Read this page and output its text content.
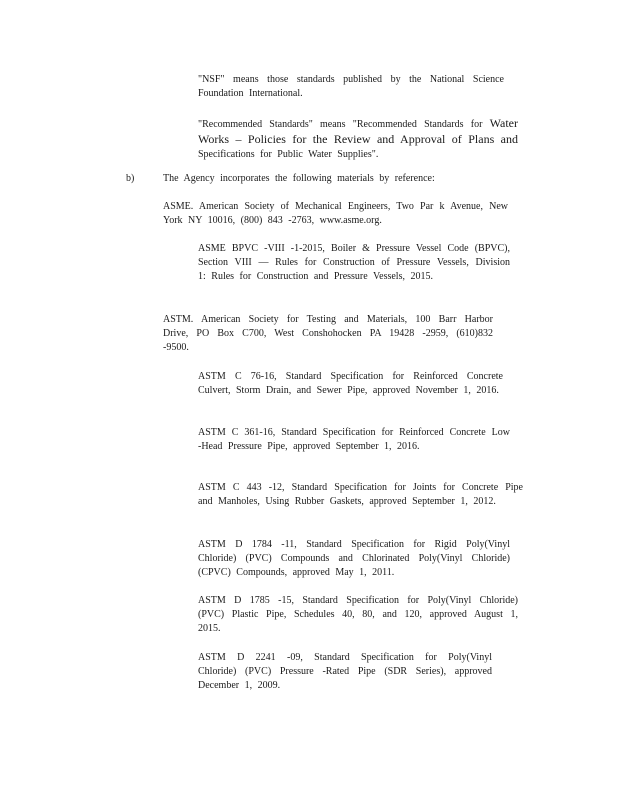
"NSF" means those standards published by the National Science Foundation International.

"Recommended Standards" means "Recommended Standards for Water Works – Policies for the Review and Approval of Plans and Specifications for Public Water Supplies".

b)	The Agency incorporates the following materials by reference:

ASME. American Society of Mechanical Engineers, Two Par k Avenue, New York NY 10016, (800) 843 -2763, www.asme.org.

ASME BPVC -VIII -1-2015, Boiler & Pressure Vessel Code (BPVC), Section VIII — Rules for Construction of Pressure Vessels, Division 1: Rules for Construction and Pressure Vessels, 2015.

ASTM. American Society for Testing and Materials, 100 Barr Harbor Drive, PO Box C700, West Conshohocken PA 19428 -2959, (610)832 -9500.

ASTM C 76-16, Standard Specification for Reinforced Concrete Culvert, Storm Drain, and Sewer Pipe, approved November 1, 2016.

ASTM C 361-16, Standard Specification for Reinforced Concrete Low -Head Pressure Pipe, approved September 1, 2016.

ASTM C 443 -12, Standard Specification for Joints for Concrete Pipe and Manholes, Using Rubber Gaskets, approved September 1, 2012.

ASTM D 1784 -11, Standard Specification for Rigid Poly(Vinyl Chloride) (PVC) Compounds and Chlorinated Poly(Vinyl Chloride) (CPVC) Compounds, approved May 1, 2011.

ASTM D 1785 -15, Standard Specification for Poly(Vinyl Chloride) (PVC) Plastic Pipe, Schedules 40, 80, and 120, approved August 1, 2015.

ASTM D 2241 -09, Standard Specification for Poly(Vinyl Chloride) (PVC) Pressure -Rated Pipe (SDR Series), approved December 1, 2009.
